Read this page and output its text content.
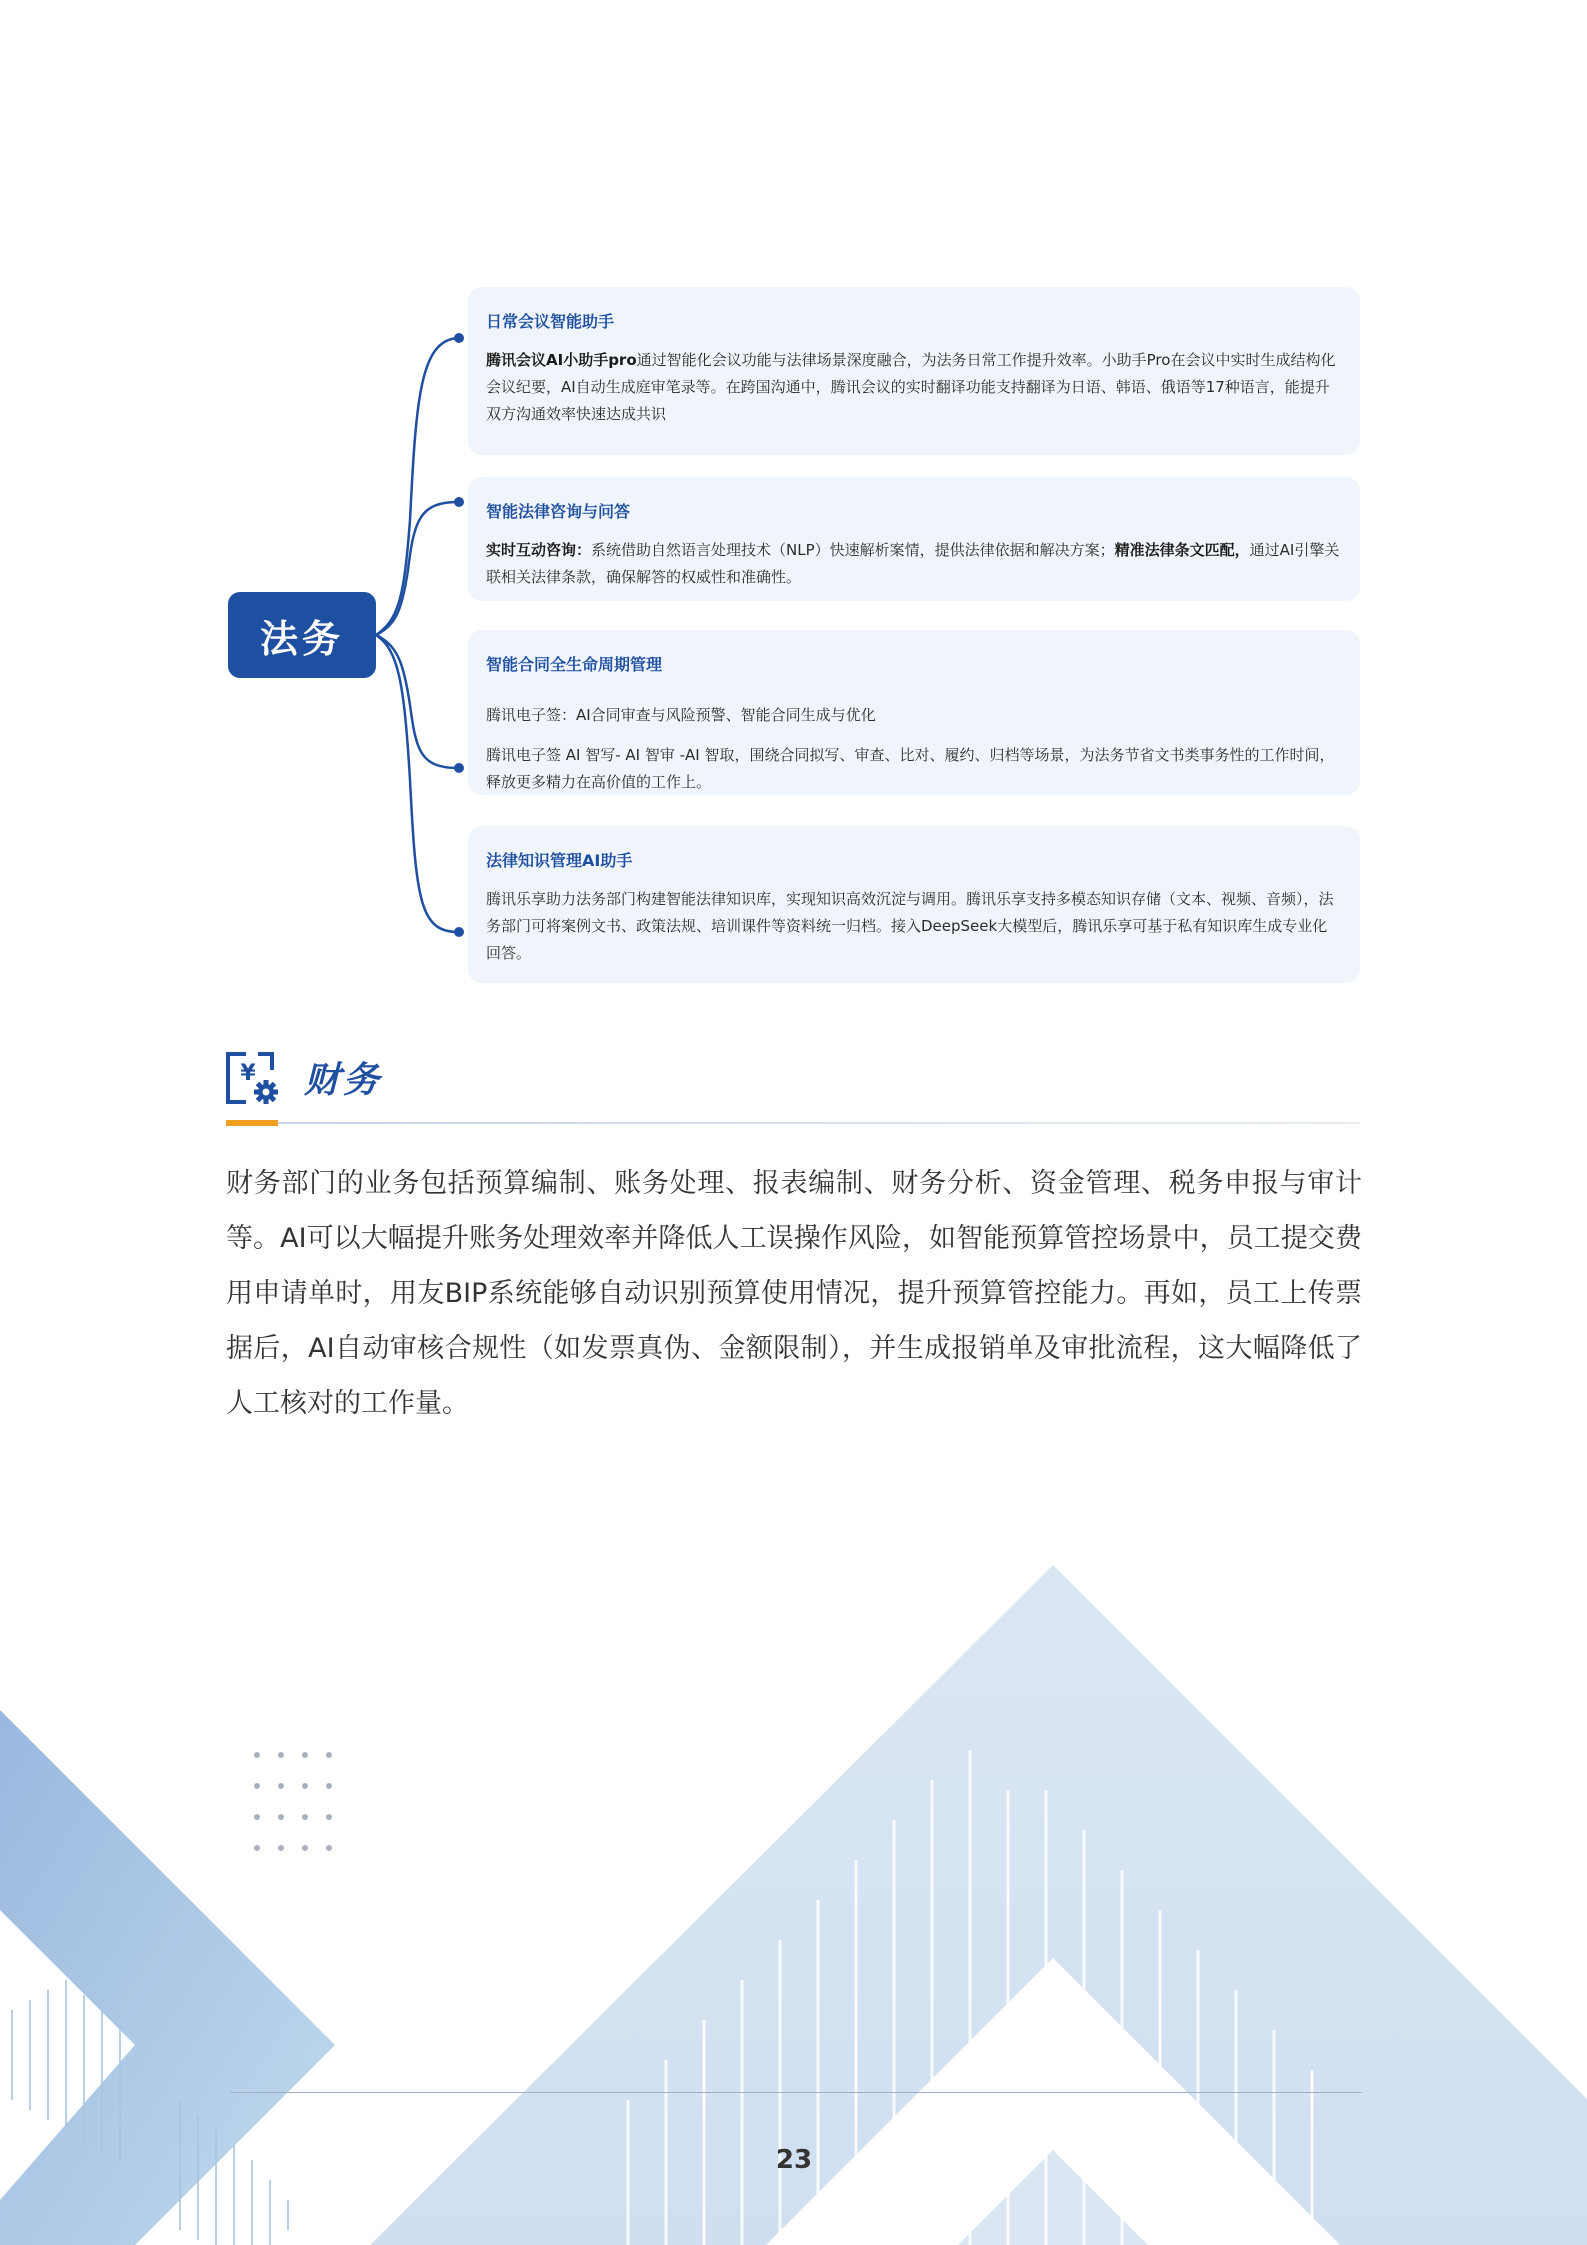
法务
日常会议智能助手

腾讯会议AI小助手pro通过智能化会议功能与法律场景深度融合，为法务日常工作提升效率。小助手Pro在会议中实时生成结构化会议纪要，AI自动生成庭审笔录等。在跨国沟通中，腾讯会议的实时翻译功能支持翻译为日语、韩语、俄语等17种语言，能提升双方沟通效率快速达成共识

智能法律咨询与问答

实时互动咨询：系统借助自然语言处理技术（NLP）快速解析案情，提供法律依据和解决方案；精准法律条文匹配，通过AI引擎关联相关法律条款，确保解答的权威性和准确性。

智能合同全生命周期管理

腾讯电子签：AI合同审查与风险预警、智能合同生成与优化

腾讯电子签 AI 智写- AI 智审 -AI 智取，围绕合同拟写、审查、比对、履约、归档等场景，为法务节省文书类事务性的工作时间，释放更多精力在高价值的工作上。

法律知识管理AI助手

腾讯乐享助力法务部门构建智能法律知识库，实现知识高效沉淀与调用。腾讯乐享支持多模态知识存储（文本、视频、音频），法务部门可将案例文书、政策法规、培训课件等资料统一归档。接入DeepSeek大模型后，腾讯乐享可基于私有知识库生成专业化回答。

¥ 财务

财务部门的业务包括预算编制、账务处理、报表编制、财务分析、资金管理、税务申报与审计等。AI可以大幅提升账务处理效率并降低人工误操作风险，如智能预算管控场景中，员工提交费用申请单时，用友BIP系统能够自动识别预算使用情况，提升预算管控能力。再如，员工上传票据后，AI自动审核合规性（如发票真伪、金额限制），并生成报销单及审批流程，这大幅降低了人工核对的工作量。

23
